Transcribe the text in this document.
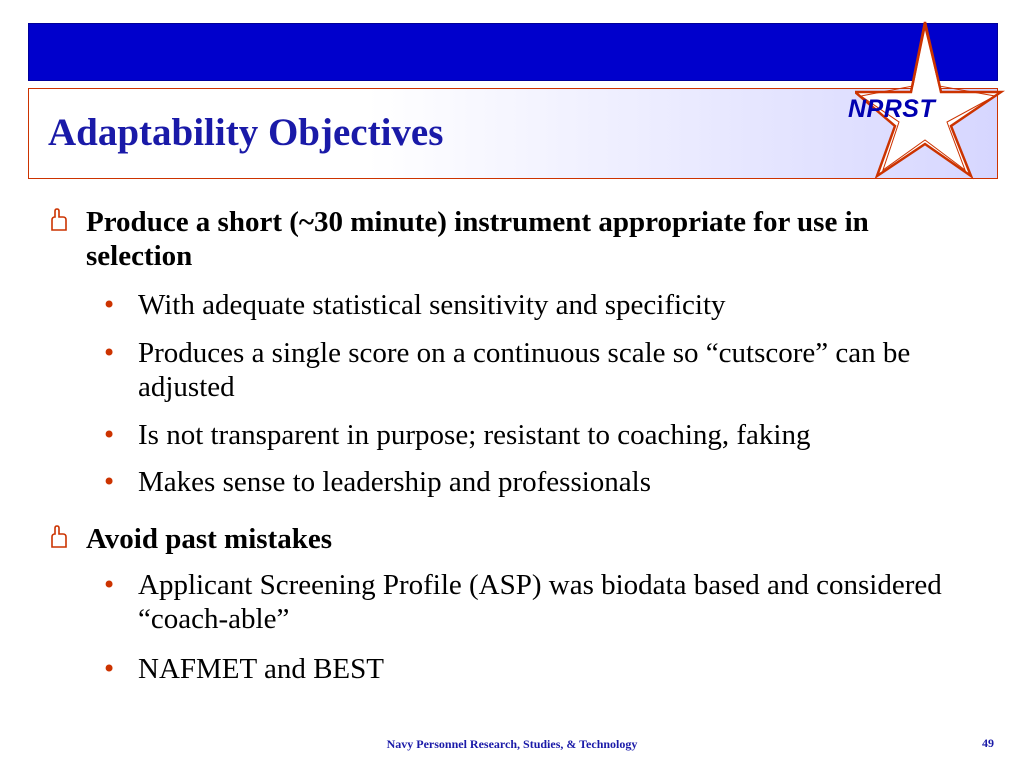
NPRST
Adaptability Objectives
Produce a short (~30 minute) instrument appropriate for use in selection
• With adequate statistical sensitivity and specificity
• Produces a single score on a continuous scale so “cutscore” can be adjusted
• Is not transparent in purpose; resistant to coaching, faking
• Makes sense to leadership and professionals
Avoid past mistakes
• Applicant Screening Profile (ASP) was biodata based and considered “coach-able”
• NAFMET and BEST
Navy Personnel Research, Studies, & Technology	49
